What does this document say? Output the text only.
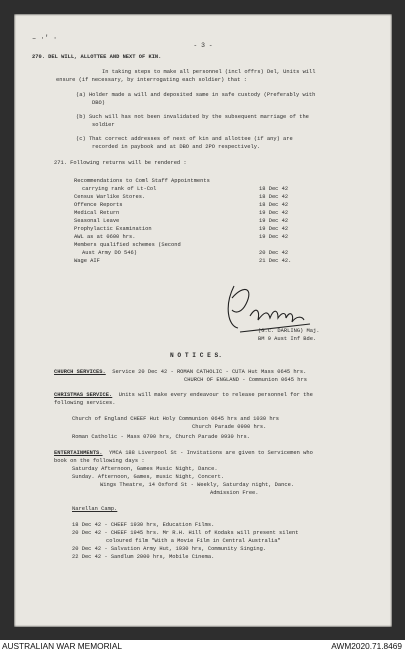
– ·' ·
- 3 -
270. DEL WILL, ALLOTTEE AND NEXT OF KIN.
In taking steps to make all personnel (incl offrs) Del, Units will
ensure (if necessary, by interrogating each soldier) that :
(a) Holder made a will and deposited same in safe custody (Preferably with
DBO)
(b) Such will has not been invalidated by the subsequent marriage of the
soldier
(c) That correct addresses of next of kin and allottee (if any) are
recorded in paybook and at DBO and 2PO respectively.
271. Following returns will be rendered :
Recommendations to Coml Staff Appointments
carrying rank of Lt-Col	18 Dec 42
Census Warlike Stores.	18 Dec 42
Offence Reports	18 Dec 42
Medical Return	19 Dec 42
Seasonal Leave	19 Dec 42
Prophylactic Examination	19 Dec 42
AWL as at 0600 hrs.	19 Dec 42
Members qualified schemes (Second
Aust Army DO 546)	20 Dec 42
Wage AIF	21 Dec 42.
(G.C. DARLING) Maj.
BM 9 Aust Inf Bde.
N O T I C E S.
CHURCH SERVICES. Service 20 Dec 42 - ROMAN CATHOLIC - CUTA Hut Mass 0645 hrs.
CHURCH OF ENGLAND - Communion 0645 hrs
CHRISTMAS SERVICE. Units will make every endeavour to release personnel for the
following services.
Church of England CHEEF Hut Holy Communion 0645 hrs and 1030 hrs
Church Parade 0900 hrs.
Roman Catholic - Mass 0700 hrs, Church Parade 0930 hrs.
ENTERTAINMENTS. YMCA 188 Liverpool St - Invitations are given to Servicemen who
book on the following days :
Saturday Afternoon, Games Music Night, Dance.
Sunday. Afternoon, Games, music Night, Concert.
Wings Theatre, 14 Oxford St - Weekly, Saturday night, Dance.
Admission Free.
Narellan Camp.
18 Dec 42 - CHEEF 1930 hrs, Education Films.
20 Dec 42 - CHEEF 1945 hrs. Mr R.H. Hill of Kodaks will present silent
coloured film "With a Movie Film in Central Australia"
20 Dec 42 - Salvation Army Hut, 1930 hrs, Community Singing.
22 Dec 42 - Sandlum 2000 hrs, Mobile Cinema.
AUSTRALIAN WAR MEMORIAL	AWM2020.71.8469
